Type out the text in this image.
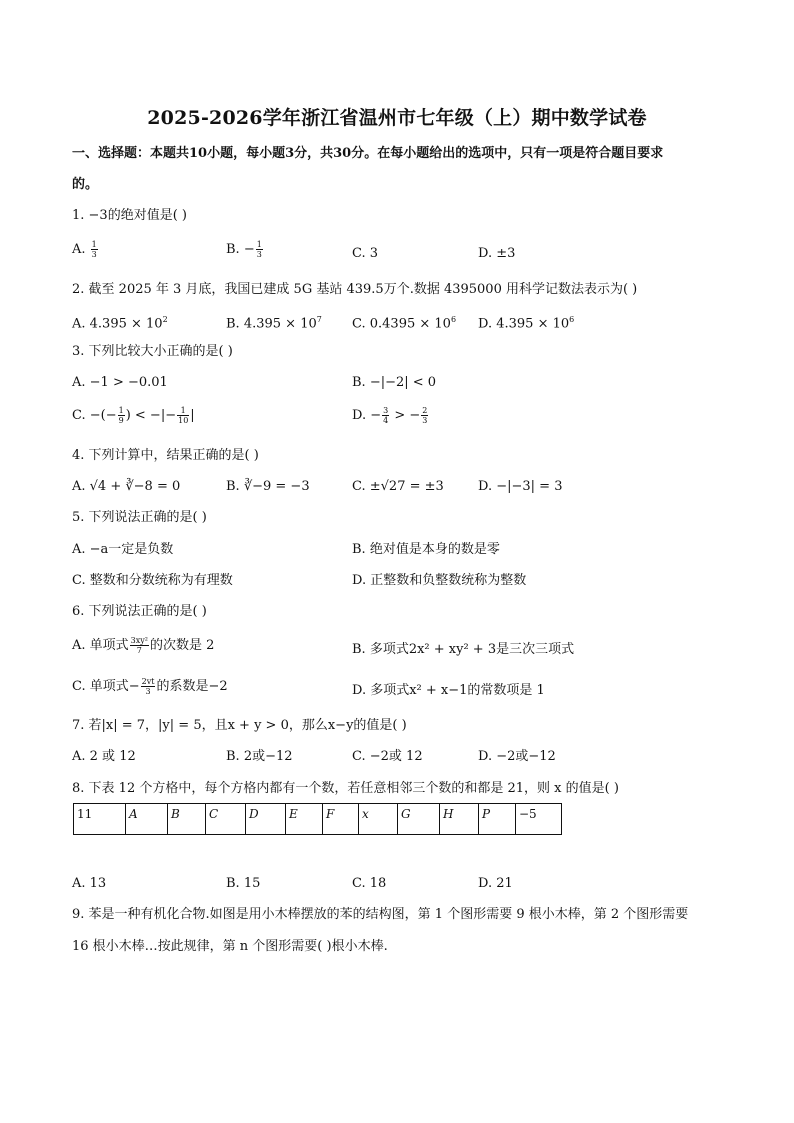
2025-2026学年浙江省温州市七年级（上）期中数学试卷
一、选择题：本题共10小题，每小题3分，共30分。在每小题给出的选项中，只有一项是符合题目要求
的。
1. −3的绝对值是( )
A. $\frac{1}{3}$	B. − $\frac{1}{3}$	C. 3	D. ±3
2. 截至 2025 年 3 月底，我国已建成 5G 基站 439.5万个.数据 4395000 用科学记数法表示为( )
A. $4.395 \times 10^2$	B. $4.395 \times 10^7$ C. $0.4395 \times 10^6$ D. $4.395 \times 10^6$
3. 下列比较大小正确的是( )
A. −1 > −0.01	B. −|−2| < 0
C. −(− $\frac{1}{9}$ ) < −|− $\frac{1}{10}$ |	D. − $\frac{3}{4}$ > − $\frac{2}{3}$
4. 下列计算中，结果正确的是( )
A. √4 + ∛−8 = 0	B. ∛−9 = −3	C. ±√27 = ±3	D. −|−3| = 3
5. 下列说法正确的是( )
A. −a一定是负数	B. 绝对值是本身的数是零
C. 整数和分数统称为有理数	D. 正整数和负整数统称为整数
6. 下列说法正确的是( )
A. 单项式 $\frac{\text{3xy²}}{7}$ 的次数是 2	B. 多项式2x² + xy² + 3是三次三项式
C. 单项式− $\frac{2vt}{3}$ 的系数是−2	D. 多项式x² + x−1的常数项是 1
7. 若|x| = 7，|y| = 5，且x + y > 0，那么x−y的值是( )
A. 2 或 12	B. 2或−12	C. −2或 12	D. −2或−12
8. 下表 12 个方格中，每个方格内都有一个数，若任意相邻三个数的和都是 21，则 x 的值是( )
11	A	B	C	D	E	F	x	G	H	P	−5
A. 13	B. 15	C. 18	D. 21
9. 苯是一种有机化合物.如图是用小木棒摆放的苯的结构图，第 1 个图形需要 9 根小木棒，第 2 个图形需要
16 根小木棒…按此规律，第 n 个图形需要( )根小木棒.
